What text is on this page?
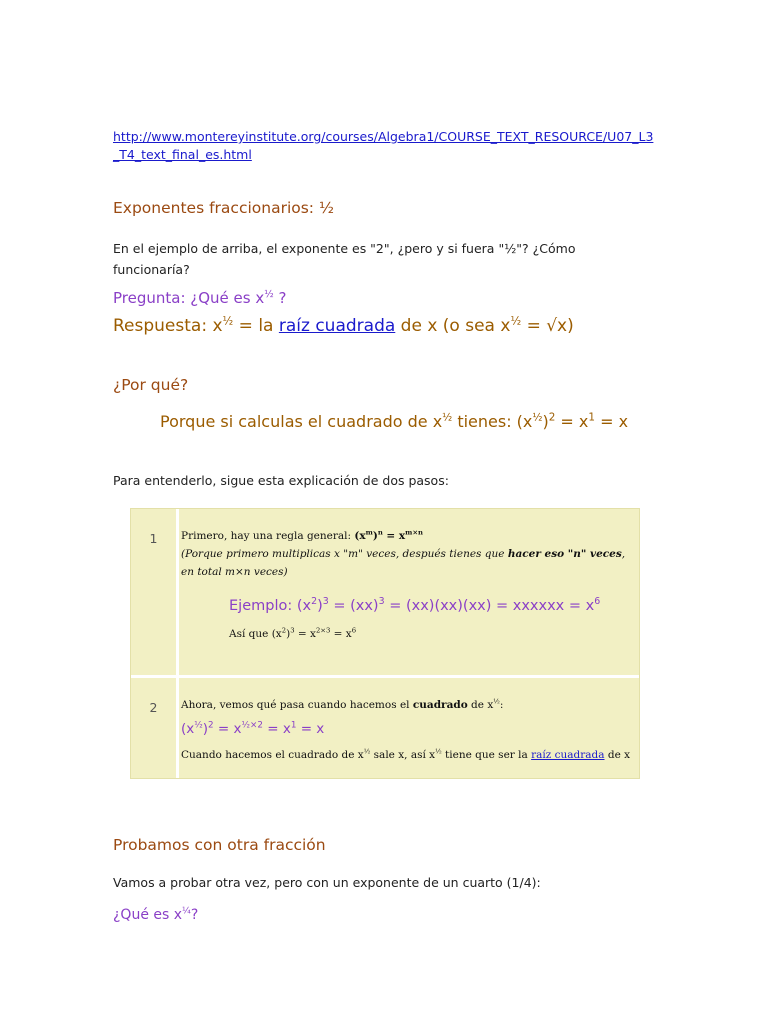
http://www.montereyinstitute.org/courses/Algebra1/COURSE_TEXT_RESOURCE/U07_L3_T4_text_final_es.html
Exponentes fraccionarios: ½
En el ejemplo de arriba, el exponente es "2", ¿pero y si fuera "½"? ¿Cómo funcionaría?
Pregunta: ¿Qué es $x^{\frac{1}{2}}$ ?
Respuesta: $x^{\frac{1}{2}}$ = la raíz cuadrada de x (o sea $x^{\frac{1}{2}} = √x$)
¿Por qué?
Porque si calculas el cuadrado de $x^{\frac{1}{2}}$ tienes: $(x^{\frac{1}{2}})^2 = x^1 = x$
Para entenderlo, sigue esta explicación de dos pasos:
1	Primero, hay una regla general: $(x^m)^n = x^{m\times n}$
(Porque primero multiplicas x "m" veces, después tienes que hacer eso "n" veces, en total m×n veces)
Ejemplo: $(x^2)^3 = (xx)^3 = (xx)(xx)(xx)$ = xxxxxx = $x^6$
Así que $(x^2)^3 = x^{2\times 3} = x^6$
2	Ahora, vemos qué pasa cuando hacemos el cuadrado de $x^{\frac{1}{2}}$:
$(x^{\frac{1}{2}})^2 = x^{\frac{1}{2}\times 2} = x^1 = x$
Cuando hacemos el cuadrado de $x^{\frac{1}{2}}$ sale x, así $x^{\frac{1}{2}}$ tiene que ser la raíz cuadrada de x
Probamos con otra fracción
Vamos a probar otra vez, pero con un exponente de un cuarto (1/4):
¿Qué es $x^{\frac{1}{4}}$?
